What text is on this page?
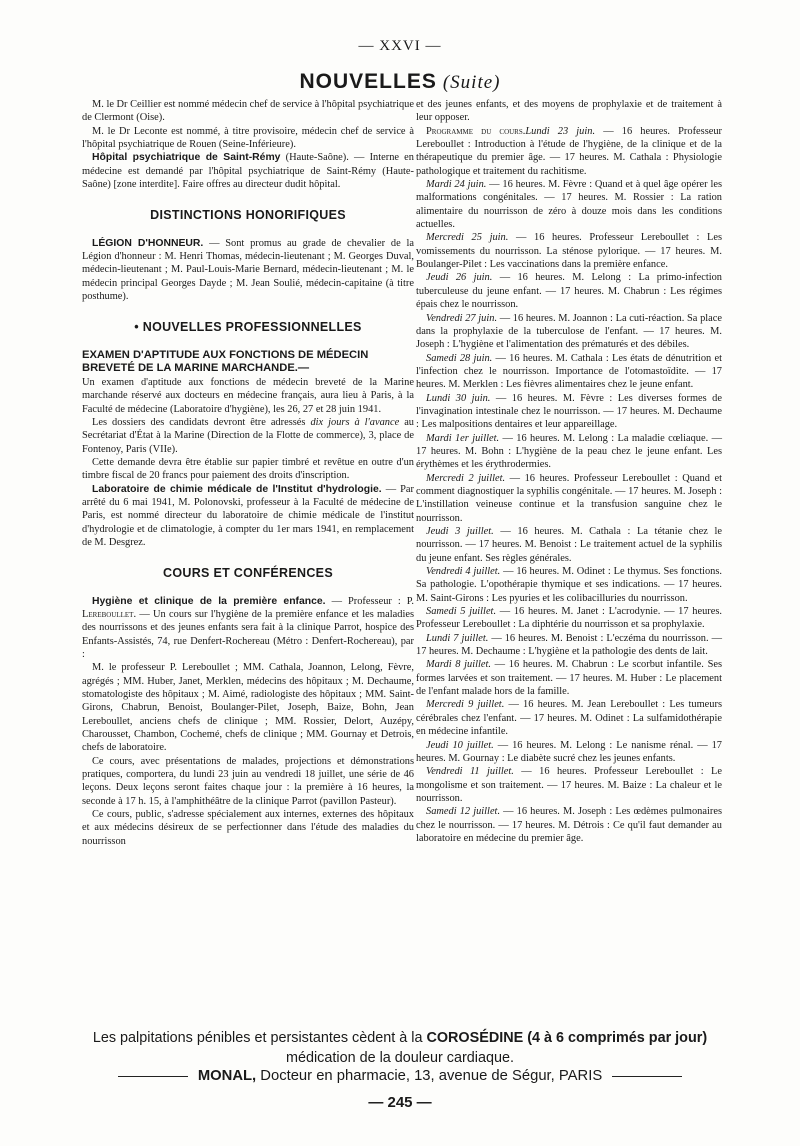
— XXVI —
NOUVELLES (Suite)

M. le Dr Ceillier est nommé médecin chef de service à l'hôpital psychiatrique de Clermont (Oise).

M. le Dr Leconte est nommé, à titre provisoire, médecin chef de service à l'hôpital psychiatrique de Rouen (Seine-Inférieure).

Hôpital psychiatrique de Saint-Rémy (Haute-Saône). — Interne en médecine est demandé par l'hôpital psychiatrique de Saint-Rémy (Haute-Saône) [zone interdite]. Faire offres au directeur dudit hôpital.

DISTINCTIONS HONORIFIQUES

LÉGION D'HONNEUR. — Sont promus au grade de chevalier de la Légion d'honneur : M. Henri Thomas, médecin-lieutenant ; M. Georges Duval, médecin-lieutenant ; M. Paul-Louis-Marie Bernard, médecin-lieutenant ; M. le médecin principal Georges Dayde ; M. Jean Soulié, médecin-capitaine (à titre posthume).

• NOUVELLES PROFESSIONNELLES
EXAMEN D'APTITUDE AUX FONCTIONS DE MÉDECIN BREVETÉ DE LA MARINE MARCHANDE.—

Un examen d'aptitude aux fonctions de médecin breveté de la Marine marchande réservé aux docteurs en médecine français, aura lieu à Paris, à la Faculté de médecine (Laboratoire d'hygiène), les 26, 27 et 28 juin 1941.

Les dossiers des candidats devront être adressés dix jours à l'avance au Secrétariat d'État à la Marine (Direction de la Flotte de commerce), 3, place de Fontenoy, Paris (VIIe).

Cette demande devra être établie sur papier timbré et revêtue en outre d'un timbre fiscal de 20 francs pour paiement des droits d'inscription.

Laboratoire de chimie médicale de l'Institut d'hydrologie. — Par arrêté du 6 mai 1941, M. Polonovski, professeur à la Faculté de médecine de Paris, est nommé directeur du laboratoire de chimie médicale de l'institut d'hydrologie et de climatologie, à compter du 1er mars 1941, en remplacement de M. Desgrez.

COURS ET CONFÉRENCES

Hygiène et clinique de la première enfance. — Professeur : P. Lereboullet. — Un cours sur l'hygiène de la première enfance et les maladies des nourrissons et des jeunes enfants sera fait à la clinique Parrot, hospice des Enfants-Assistés, 74, rue Denfert-Rochereau (Métro : Denfert-Rochereau), par :

M. le professeur P. Lereboullet ; MM. Cathala, Joannon, Lelong, Fèvre, agrégés ; MM. Huber, Janet, Merklen, médecins des hôpitaux ; M. Dechaume, stomatologiste des hôpitaux ; M. Aimé, radiologiste des hôpitaux ; MM. Saint-Girons, Chabrun, Benoist, Boulanger-Pilet, Joseph, Baize, Bohn, Jean Lereboullet, anciens chefs de clinique ; MM. Rossier, Delort, Auzépy, Charousset, Chambon, Cochemé, chefs de clinique ; MM. Gournay et Detrois, chefs de laboratoire.

Ce cours, avec présentations de malades, projections et démonstrations pratiques, comportera, du lundi 23 juin au vendredi 18 juillet, une série de 46 leçons. Deux leçons seront faites chaque jour : la première à 16 heures, la seconde à 17 h. 15, à l'amphithéâtre de la clinique Parrot (pavillon Pasteur).

Ce cours, public, s'adresse spécialement aux internes, externes des hôpitaux et aux médecins désireux de se perfectionner dans l'étude des maladies du nourrisson

et des jeunes enfants, et des moyens de prophylaxie et de traitement à leur opposer.

Programme du cours.Lundi 23 juin. — 16 heures. Professeur Lereboullet : Introduction à l'étude de l'hygiène, de la clinique et de la thérapeutique du premier âge. — 17 heures. M. Cathala : Physiologie pathologique et traitement du rachitisme.

Mardi 24 juin. — 16 heures. M. Fèvre : Quand et à quel âge opérer les malformations congénitales. — 17 heures. M. Rossier : La ration alimentaire du nourrisson de zéro à douze mois dans les conditions actuelles.

Mercredi 25 juin. — 16 heures. Professeur Lereboullet : Les vomissements du nourrisson. La sténose pylorique. — 17 heures. M. Boulanger-Pilet : Les vaccinations dans la première enfance.

Jeudi 26 juin. — 16 heures. M. Lelong : La primo-infection tuberculeuse du jeune enfant. — 17 heures. M. Chabrun : Les régimes épais chez le nourrisson.

Vendredi 27 juin. — 16 heures. M. Joannon : La cuti-réaction. Sa place dans la prophylaxie de la tuberculose de l'enfant. — 17 heures. M. Joseph : L'hygiène et l'alimentation des prématurés et des débiles.

Samedi 28 juin. — 16 heures. M. Cathala : Les états de dénutrition et l'infection chez le nourrisson. Importance de l'otomastoïdite. — 17 heures. M. Merklen : Les fièvres alimentaires chez le jeune enfant.

Lundi 30 juin. — 16 heures. M. Fèvre : Les diverses formes de l'invagination intestinale chez le nourrisson. — 17 heures. M. Dechaume : Les malpositions dentaires et leur appareillage.

Mardi 1er juillet. — 16 heures. M. Lelong : La maladie cœliaque. — 17 heures. M. Bohn : L'hygiène de la peau chez le jeune enfant. Les érythèmes et les érythrodermies.

Mercredi 2 juillet. — 16 heures. Professeur Lereboullet : Quand et comment diagnostiquer la syphilis congénitale. — 17 heures. M. Joseph : L'instillation veineuse continue et la transfusion sanguine chez le nourrisson.

Jeudi 3 juillet. — 16 heures. M. Cathala : La tétanie chez le nourrisson. — 17 heures. M. Benoist : Le traitement actuel de la syphilis du jeune enfant. Ses règles générales.

Vendredi 4 juillet. — 16 heures. M. Odinet : Le thymus. Ses fonctions. Sa pathologie. L'opothérapie thymique et ses indications. — 17 heures. M. Saint-Girons : Les pyuries et les colibacilluries du nourrisson.

Samedi 5 juillet. — 16 heures. M. Janet : L'acrodynie. — 17 heures. Professeur Lereboullet : La diphtérie du nourrisson et sa prophylaxie.

Lundi 7 juillet. — 16 heures. M. Benoist : L'eczéma du nourrisson. — 17 heures. M. Dechaume : L'hygiène et la pathologie des dents de lait.

Mardi 8 juillet. — 16 heures. M. Chabrun : Le scorbut infantile. Ses formes larvées et son traitement. — 17 heures. M. Huber : Le placement de l'enfant malade hors de la famille.

Mercredi 9 juillet. — 16 heures. M. Jean Lereboullet : Les tumeurs cérébrales chez l'enfant. — 17 heures. M. Odinet : La sulfamidothérapie en médecine infantile.

Jeudi 10 juillet. — 16 heures. M. Lelong : Le nanisme rénal. — 17 heures. M. Gournay : Le diabète sucré chez les jeunes enfants.

Vendredi 11 juillet. — 16 heures. Professeur Lereboullet : Le mongolisme et son traitement. — 17 heures. M. Baize : La chaleur et le nourrisson.

Samedi 12 juillet. — 16 heures. M. Joseph : Les œdèmes pulmonaires chez le nourrisson. — 17 heures. M. Détrois : Ce qu'il faut demander au laboratoire en médecine du premier âge.

Les palpitations pénibles et persistantes cèdent à la COROSÉDINE (4 à 6 comprimés par jour)
médication de la douleur cardiaque.
MONAL, Docteur en pharmacie, 13, avenue de Ségur, PARIS
— 245 —
